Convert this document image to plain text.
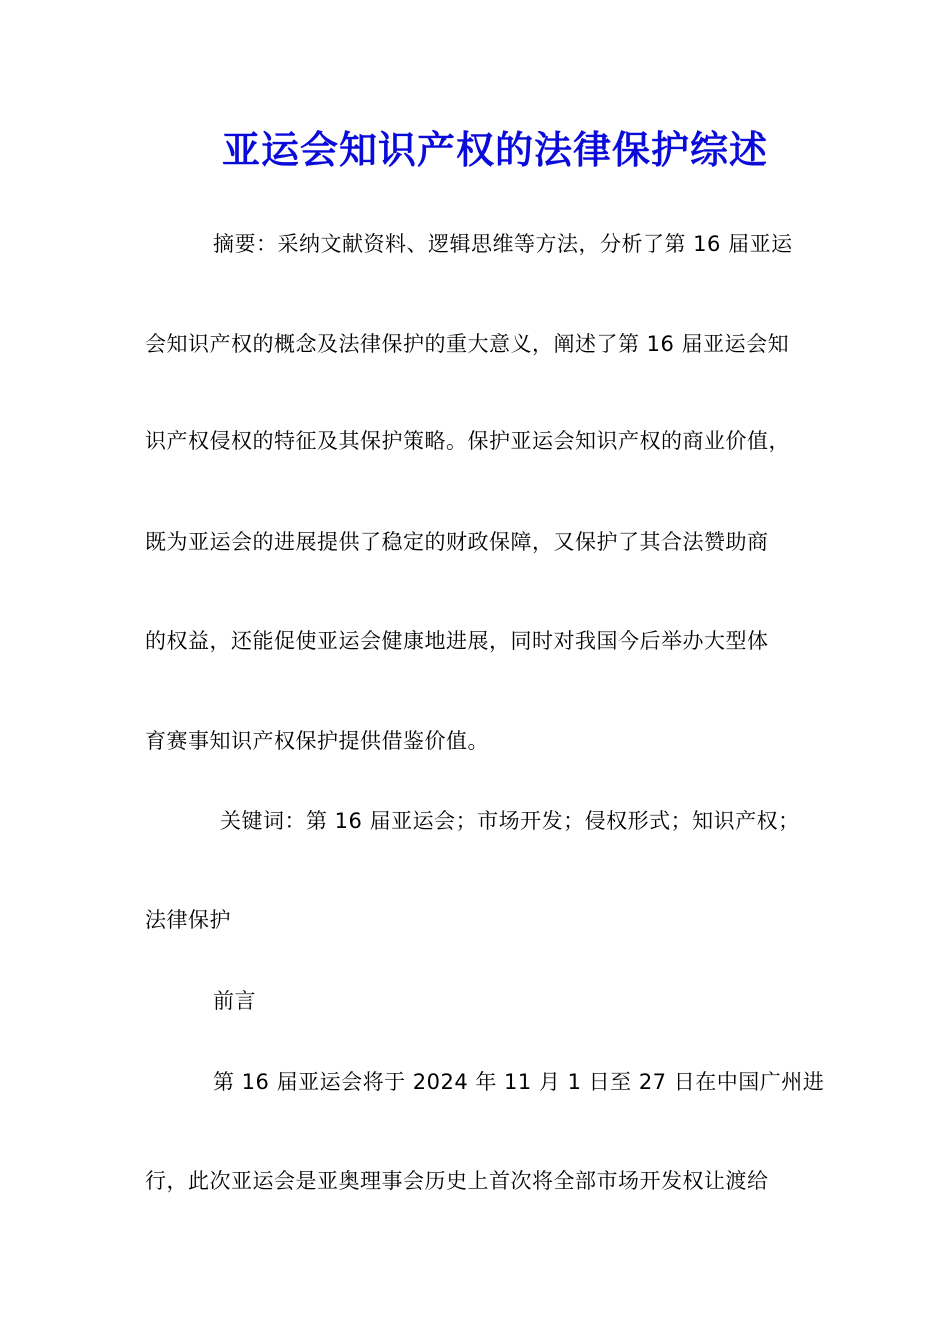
亚运会知识产权的法律保护综述
摘要：采纳文献资料、逻辑思维等方法，分析了第 16 届亚运
会知识产权的概念及法律保护的重大意义，阐述了第 16 届亚运会知
识产权侵权的特征及其保护策略。保护亚运会知识产权的商业价值，
既为亚运会的进展提供了稳定的财政保障，又保护了其合法赞助商
的权益，还能促使亚运会健康地进展，同时对我国今后举办大型体
育赛事知识产权保护提供借鉴价值。
关键词：第 16 届亚运会；市场开发；侵权形式；知识产权；
法律保护
前言
第 16 届亚运会将于 2024 年 11 月 1 日至 27 日在中国广州进
行，此次亚运会是亚奥理事会历史上首次将全部市场开发权让渡给
